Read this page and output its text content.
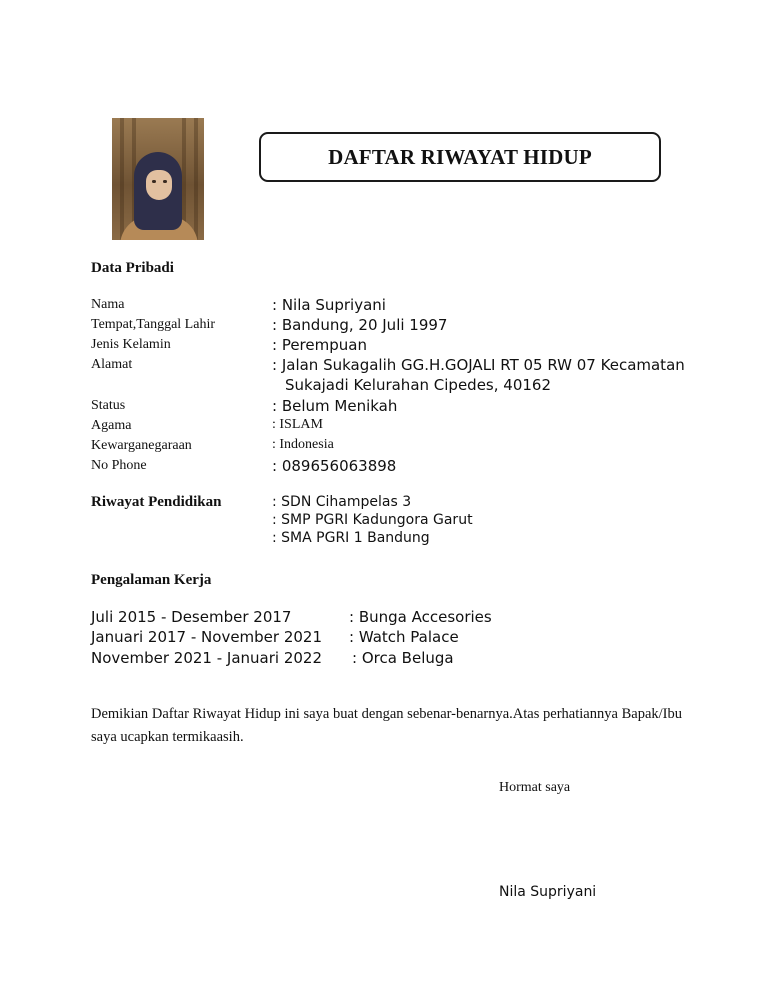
DAFTAR RIWAYAT HIDUP
Data Pribadi
Nama	: Nila Supriyani
Tempat,Tanggal Lahir	: Bandung, 20 Juli 1997
Jenis Kelamin	: Perempuan
Alamat	: Jalan Sukagalih GG.H.GOJALI RT 05 RW 07 Kecamatan
Sukajadi Kelurahan Cipedes, 40162
Status	: Belum Menikah
Agama	: ISLAM
Kewarganegaraan	: Indonesia
No Phone	: 089656063898
Riwayat Pendidikan	: SDN Cihampelas 3
: SMP PGRI Kadungora Garut
: SMA PGRI 1 Bandung
Pengalaman Kerja
Juli 2015 - Desember 2017	: Bunga Accesories
Januari 2017 - November 2021 : Watch Palace
November 2021 - Januari 2022 : Orca Beluga
Demikian Daftar Riwayat Hidup ini saya buat dengan sebenar-benarnya.Atas perhatiannya Bapak/Ibu saya ucapkan termikaasih.
Hormat saya
Nila Supriyani
